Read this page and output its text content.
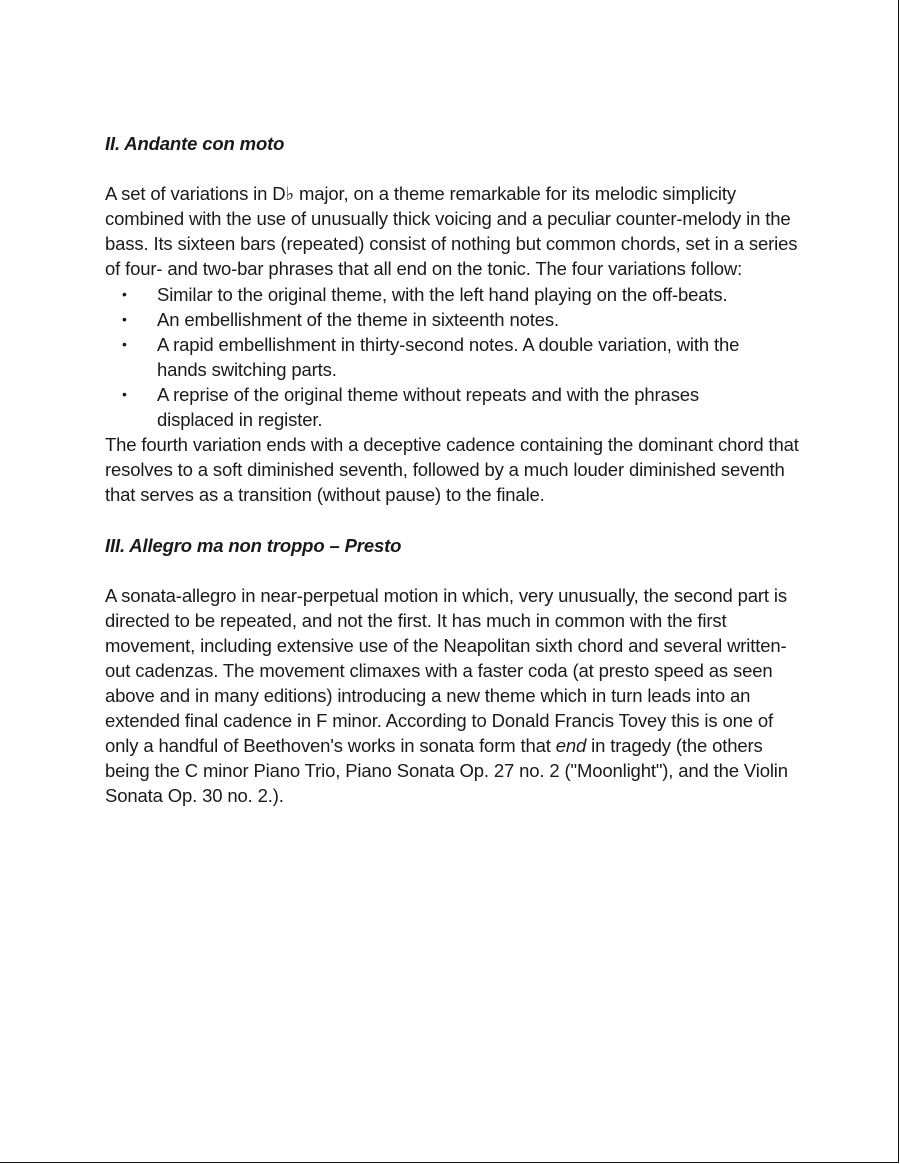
II. Andante con moto

A set of variations in D♭ major, on a theme remarkable for its melodic simplicity combined with the use of unusually thick voicing and a peculiar counter-melody in the bass. Its sixteen bars (repeated) consist of nothing but common chords, set in a series of four- and two-bar phrases that all end on the tonic. The four variations follow:

• Similar to the original theme, with the left hand playing on the off-beats.
• An embellishment of the theme in sixteenth notes.
• A rapid embellishment in thirty-second notes. A double variation, with the hands switching parts.
• A reprise of the original theme without repeats and with the phrases displaced in register.

The fourth variation ends with a deceptive cadence containing the dominant chord that resolves to a soft diminished seventh, followed by a much louder diminished seventh that serves as a transition (without pause) to the finale.

III. Allegro ma non troppo – Presto

A sonata-allegro in near-perpetual motion in which, very unusually, the second part is directed to be repeated, and not the first. It has much in common with the first movement, including extensive use of the Neapolitan sixth chord and several written-out cadenzas. The movement climaxes with a faster coda (at presto speed as seen above and in many editions) introducing a new theme which in turn leads into an extended final cadence in F minor. According to Donald Francis Tovey this is one of only a handful of Beethoven's works in sonata form that end in tragedy (the others being the C minor Piano Trio, Piano Sonata Op. 27 no. 2 ("Moonlight"), and the Violin Sonata Op. 30 no. 2.).
